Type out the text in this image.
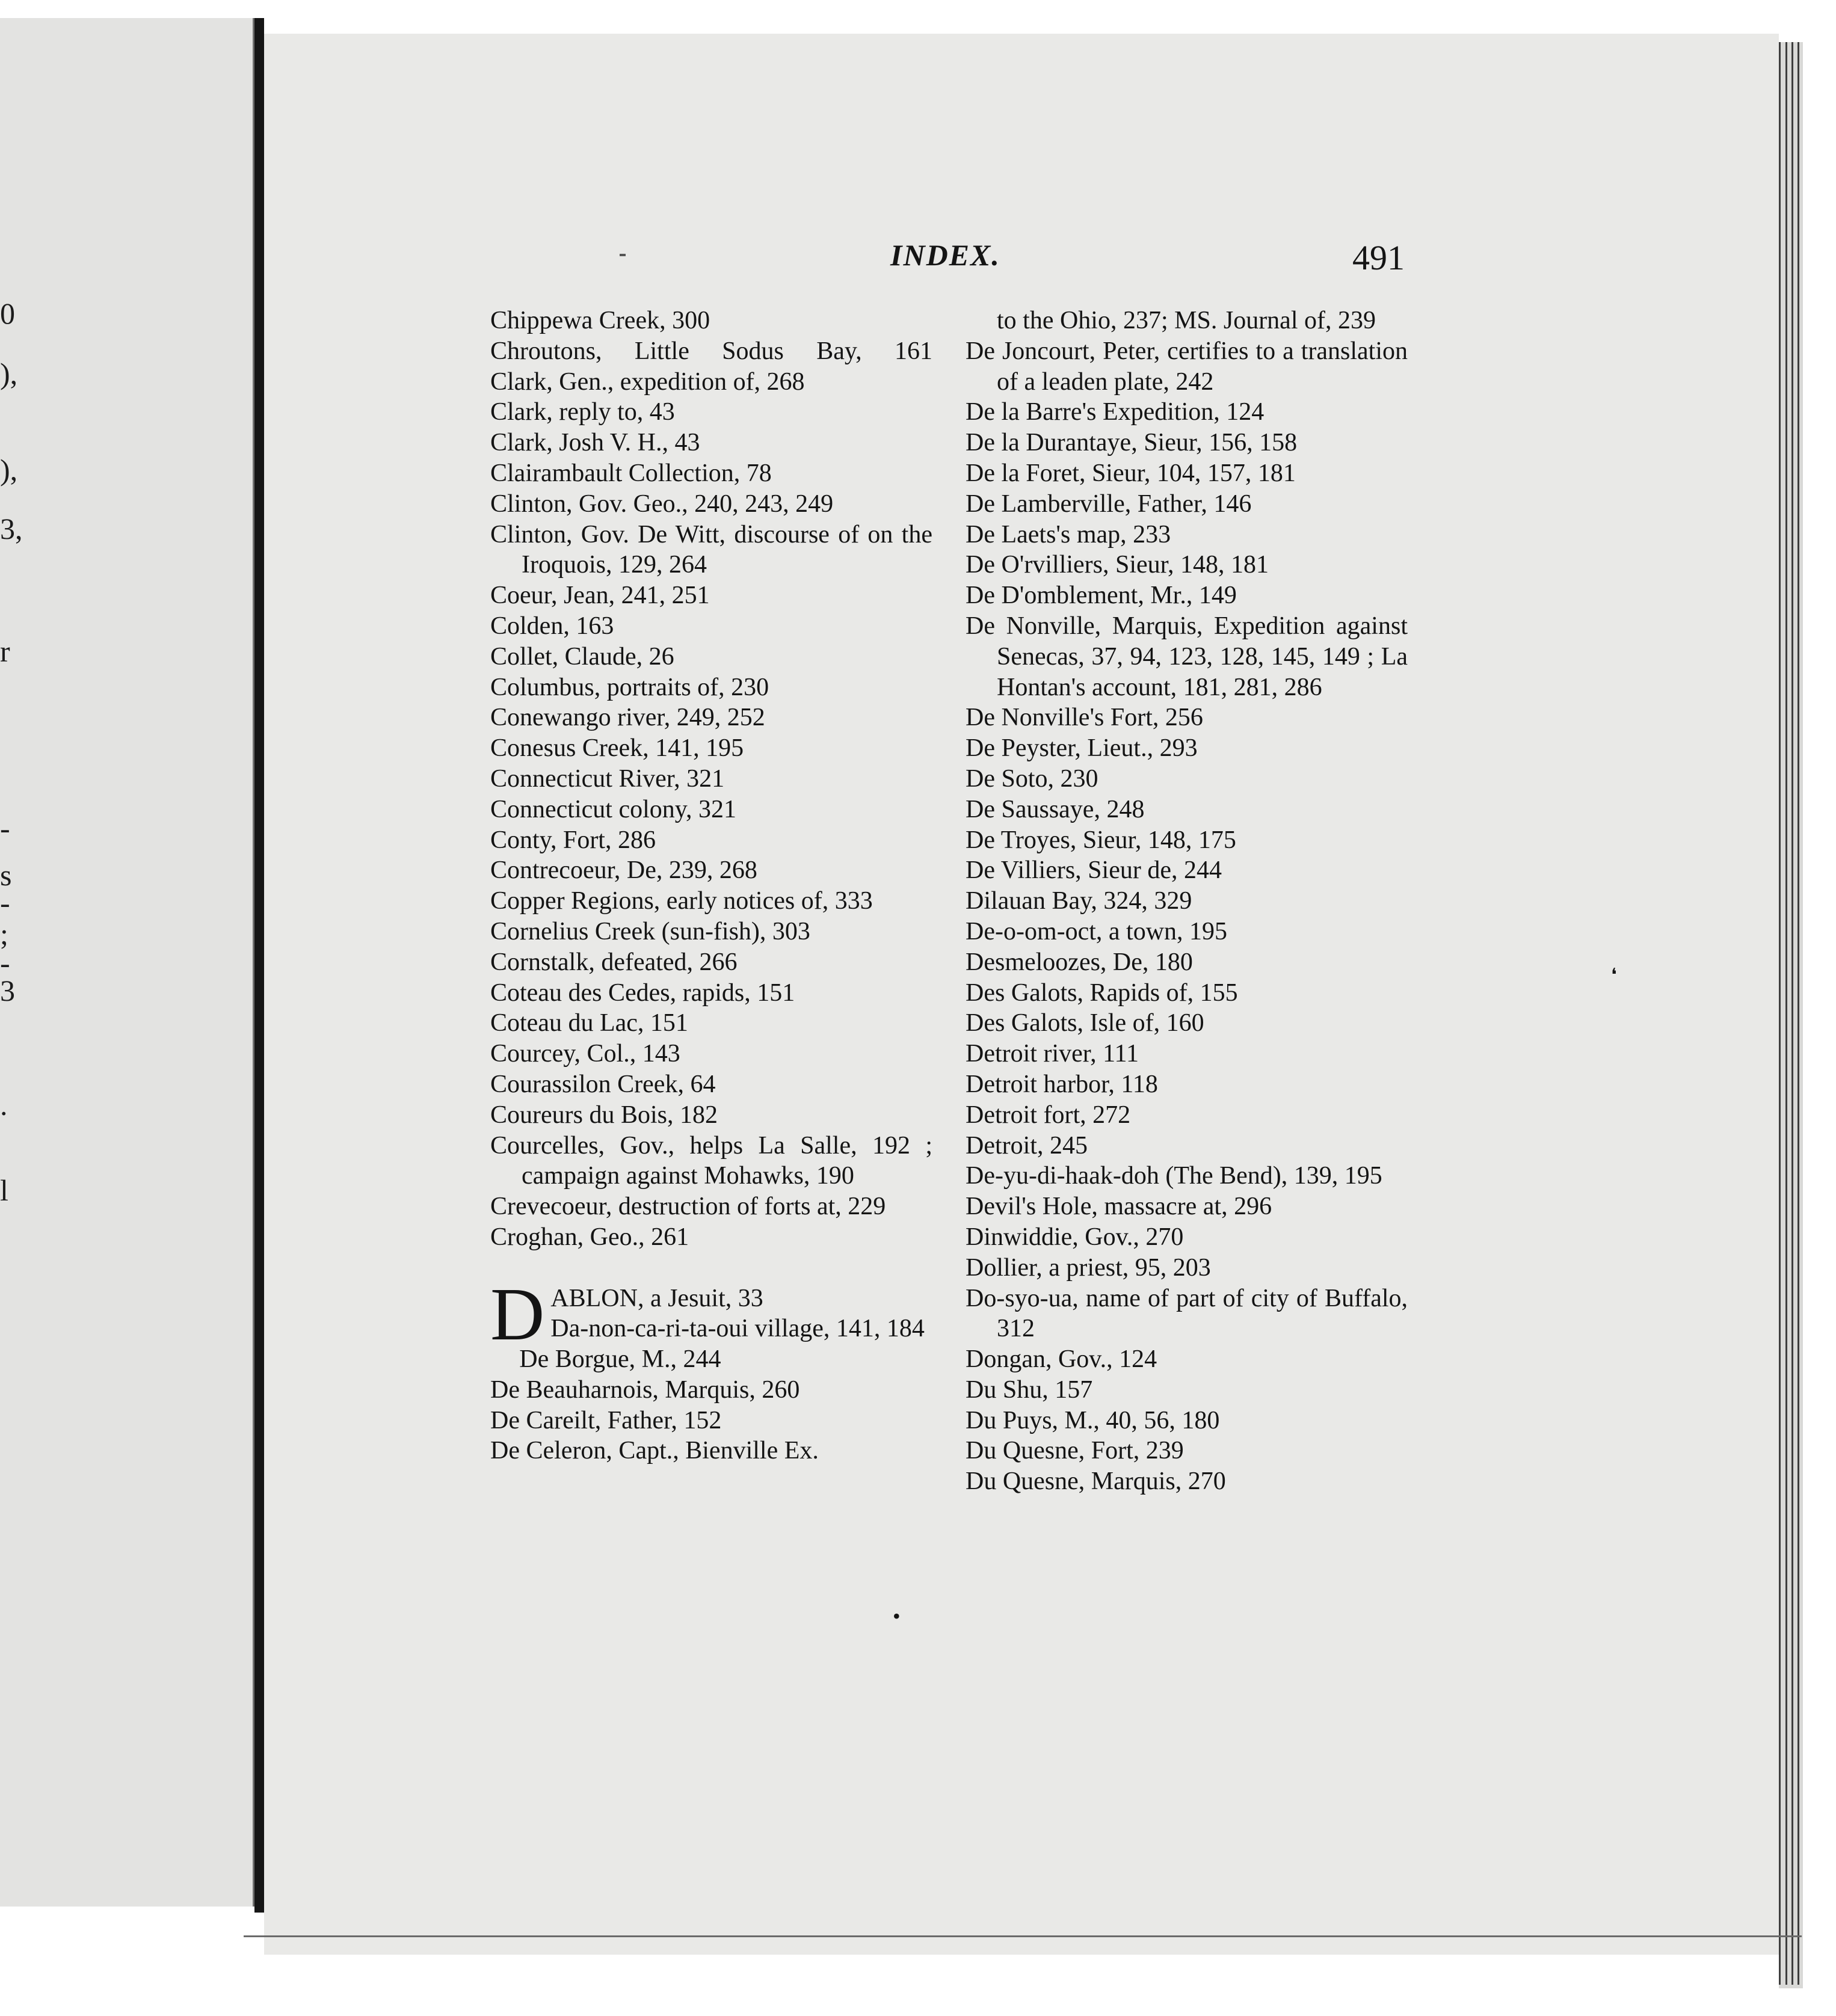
0
),
),
3,
r
-
s
-
;
-
3
.
l
INDEX.	491
❛
•
Chippewa Creek, 300
Chroutons, Little Sodus Bay, 161
Clark, Gen., expedition of, 268
Clark, reply to, 43
Clark, Josh V. H., 43
Clairambault Collection, 78
Clinton, Gov. Geo., 240, 243, 249
Clinton, Gov. De Witt, discourse of on the Iroquois, 129, 264
Coeur, Jean, 241, 251
Colden, 163
Collet, Claude, 26
Columbus, portraits of, 230
Conewango river, 249, 252
Conesus Creek, 141, 195
Connecticut River, 321
Connecticut colony, 321
Conty, Fort, 286
Contrecoeur, De, 239, 268
Copper Regions, early notices of, 333
Cornelius Creek (sun-fish), 303
Cornstalk, defeated, 266
Coteau des Cedes, rapids, 151
Coteau du Lac, 151
Courcey, Col., 143
Courassilon Creek, 64
Coureurs du Bois, 182
Courcelles, Gov., helps La Salle, 192 ; campaign against Mohawks, 190
Crevecoeur, destruction of forts at, 229
Croghan, Geo., 261
D ABLON, a Jesuit, 33
Da-non-ca-ri-ta-oui village, 141, 184
De Borgue, M., 244
De Beauharnois, Marquis, 260
De Careilt, Father, 152
De Celeron, Capt., Bienville Ex.
to the Ohio, 237; MS. Journal of, 239
De Joncourt, Peter, certifies to a translation of a leaden plate, 242
De la Barre's Expedition, 124
De la Durantaye, Sieur, 156, 158
De la Foret, Sieur, 104, 157, 181
De Lamberville, Father, 146
De Laets's map, 233
De O'rvilliers, Sieur, 148, 181
De D'omblement, Mr., 149
De Nonville, Marquis, Expedition against Senecas, 37, 94, 123, 128, 145, 149 ; La Hontan's account, 181, 281, 286
De Nonville's Fort, 256
De Peyster, Lieut., 293
De Soto, 230
De Saussaye, 248
De Troyes, Sieur, 148, 175
De Villiers, Sieur de, 244
Dilauan Bay, 324, 329
De-o-om-oct, a town, 195
Desmeloozes, De, 180
Des Galots, Rapids of, 155
Des Galots, Isle of, 160
Detroit river, 111
Detroit harbor, 118
Detroit fort, 272
Detroit, 245
De-yu-di-haak-doh (The Bend), 139, 195
Devil's Hole, massacre at, 296
Dinwiddie, Gov., 270
Dollier, a priest, 95, 203
Do-syo-ua, name of part of city of Buffalo, 312
Dongan, Gov., 124
Du Shu, 157
Du Puys, M., 40, 56, 180
Du Quesne, Fort, 239
Du Quesne, Marquis, 270
